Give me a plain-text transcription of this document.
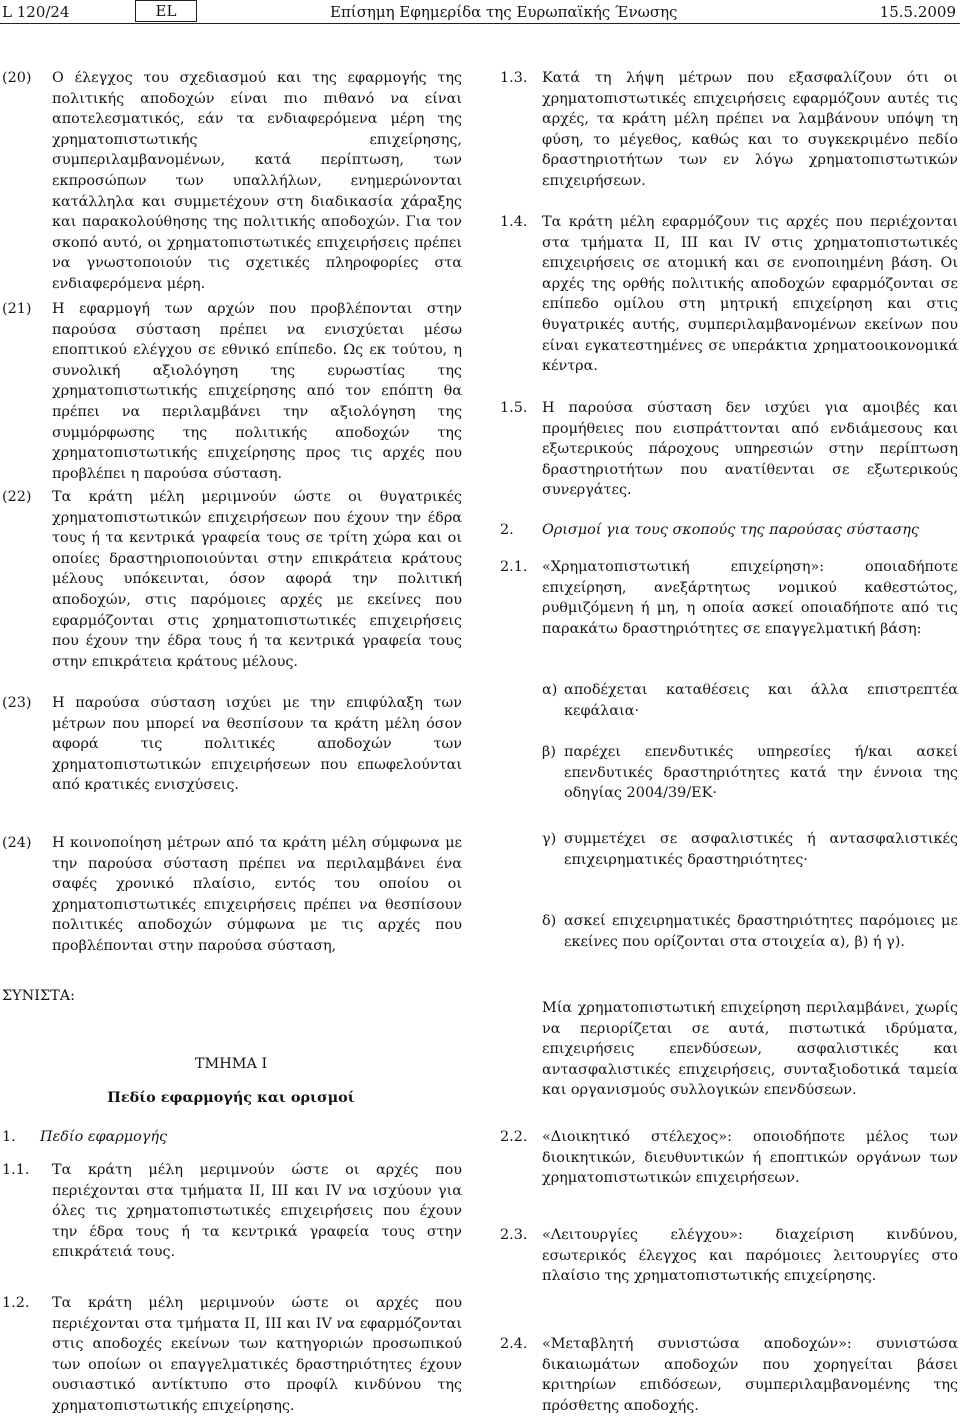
L 120/24	EL	Επίσημη Εφημερίδα της Ευρωπαϊκής Ένωσης	15.5.2009
(20) Ο έλεγχος του σχεδιασμού και της εφαρμογής της πολιτικής αποδοχών είναι πιο πιθανό να είναι αποτελεσματικός, εάν τα ενδιαφερόμενα μέρη της χρηματοπιστωτικής επιχείρησης, συμπεριλαμβανομένων, κατά περίπτωση, των εκπροσώπων των υπαλλήλων, ενημερώνονται κατάλληλα και συμμετέχουν στη διαδικασία χάραξης και παρακολούθησης της πολιτικής αποδοχών. Για τον σκοπό αυτό, οι χρηματοπιστωτικές επιχειρήσεις πρέπει να γνωστοποιούν τις σχετικές πληροφορίες στα ενδιαφερόμενα μέρη.
(21) Η εφαρμογή των αρχών που προβλέπονται στην παρούσα σύσταση πρέπει να ενισχύεται μέσω εποπτικού ελέγχου σε εθνικό επίπεδο. Ως εκ τούτου, η συνολική αξιολόγηση της ευρωστίας της χρηματοπιστωτικής επιχείρησης από τον επόπτη θα πρέπει να περιλαμβάνει την αξιολόγηση της συμμόρφωσης της πολιτικής αποδοχών της χρηματοπιστωτικής επιχείρησης προς τις αρχές που προβλέπει η παρούσα σύσταση.
(22) Τα κράτη μέλη μεριμνούν ώστε οι θυγατρικές χρηματοπιστωτικών επιχειρήσεων που έχουν την έδρα τους ή τα κεντρικά γραφεία τους σε τρίτη χώρα και οι οποίες δραστηριοποιούνται στην επικράτεια κράτους μέλους υπόκεινται, όσον αφορά την πολιτική αποδοχών, στις παρόμοιες αρχές με εκείνες που εφαρμόζονται στις χρηματοπιστωτικές επιχειρήσεις που έχουν την έδρα τους ή τα κεντρικά γραφεία τους στην επικράτεια κράτους μέλους.
(23) Η παρούσα σύσταση ισχύει με την επιφύλαξη των μέτρων που μπορεί να θεσπίσουν τα κράτη μέλη όσον αφορά τις πολιτικές αποδοχών των χρηματοπιστωτικών επιχειρήσεων που επωφελούνται από κρατικές ενισχύσεις.
(24) Η κοινοποίηση μέτρων από τα κράτη μέλη σύμφωνα με την παρούσα σύσταση πρέπει να περιλαμβάνει ένα σαφές χρονικό πλαίσιο, εντός του οποίου οι χρηματοπιστωτικές επιχειρήσεις πρέπει να θεσπίσουν πολιτικές αποδοχών σύμφωνα με τις αρχές που προβλέπονται στην παρούσα σύσταση,
ΣΥΝΙΣΤΑ:
ΤΜΗΜΑ I
Πεδίο εφαρμογής και ορισμοί
1. Πεδίο εφαρμογής
1.1. Τα κράτη μέλη μεριμνούν ώστε οι αρχές που περιέχονται στα τμήματα II, III και IV να ισχύουν για όλες τις χρηματοπιστωτικές επιχειρήσεις που έχουν την έδρα τους ή τα κεντρικά γραφεία τους στην επικράτειά τους.
1.2. Τα κράτη μέλη μεριμνούν ώστε οι αρχές που περιέχονται στα τμήματα II, III και IV να εφαρμόζονται στις αποδοχές εκείνων των κατηγοριών προσωπικού των οποίων οι επαγγελματικές δραστηριότητες έχουν ουσιαστικό αντίκτυπο στο προφίλ κινδύνου της χρηματοπιστωτικής επιχείρησης.
1.3. Κατά τη λήψη μέτρων που εξασφαλίζουν ότι οι χρηματοπιστωτικές επιχειρήσεις εφαρμόζουν αυτές τις αρχές, τα κράτη μέλη πρέπει να λαμβάνουν υπόψη τη φύση, το μέγεθος, καθώς και το συγκεκριμένο πεδίο δραστηριοτήτων των εν λόγω χρηματοπιστωτικών επιχειρήσεων.
1.4. Τα κράτη μέλη εφαρμόζουν τις αρχές που περιέχονται στα τμήματα II, III και IV στις χρηματοπιστωτικές επιχειρήσεις σε ατομική και σε ενοποιημένη βάση. Οι αρχές της ορθής πολιτικής αποδοχών εφαρμόζονται σε επίπεδο ομίλου στη μητρική επιχείρηση και στις θυγατρικές αυτής, συμπεριλαμβανομένων εκείνων που είναι εγκατεστημένες σε υπεράκτια χρηματοοικονομικά κέντρα.
1.5. Η παρούσα σύσταση δεν ισχύει για αμοιβές και προμήθειες που εισπράττονται από ενδιάμεσους και εξωτερικούς πάροχους υπηρεσιών στην περίπτωση δραστηριοτήτων που ανατίθενται σε εξωτερικούς συνεργάτες.
2. Ορισμοί για τους σκοπούς της παρούσας σύστασης
2.1. «Χρηματοπιστωτική επιχείρηση»: οποιαδήποτε επιχείρηση, ανεξάρτητως νομικού καθεστώτος, ρυθμιζόμενη ή μη, η οποία ασκεί οποιαδήποτε από τις παρακάτω δραστηριότητες σε επαγγελματική βάση:
α) αποδέχεται καταθέσεις και άλλα επιστρεπτέα κεφάλαια·
β) παρέχει επενδυτικές υπηρεσίες ή/και ασκεί επενδυτικές δραστηριότητες κατά την έννοια της οδηγίας 2004/39/ΕΚ·
γ) συμμετέχει σε ασφαλιστικές ή αντασφαλιστικές επιχειρηματικές δραστηριότητες·
δ) ασκεί επιχειρηματικές δραστηριότητες παρόμοιες με εκείνες που ορίζονται στα στοιχεία α), β) ή γ).
Μία χρηματοπιστωτική επιχείρηση περιλαμβάνει, χωρίς να περιορίζεται σε αυτά, πιστωτικά ιδρύματα, επιχειρήσεις επενδύσεων, ασφαλιστικές και αντασφαλιστικές επιχειρήσεις, συνταξιοδοτικά ταμεία και οργανισμούς συλλογικών επενδύσεων.
2.2. «Διοικητικό στέλεχος»: οποιοδήποτε μέλος των διοικητικών, διευθυντικών ή εποπτικών οργάνων των χρηματοπιστωτικών επιχειρήσεων.
2.3. «Λειτουργίες ελέγχου»: διαχείριση κινδύνου, εσωτερικός έλεγχος και παρόμοιες λειτουργίες στο πλαίσιο της χρηματοπιστωτικής επιχείρησης.
2.4. «Μεταβλητή συνιστώσα αποδοχών»: συνιστώσα δικαιωμάτων αποδοχών που χορηγείται βάσει κριτηρίων επιδόσεων, συμπεριλαμβανομένης της πρόσθετης αποδοχής.
